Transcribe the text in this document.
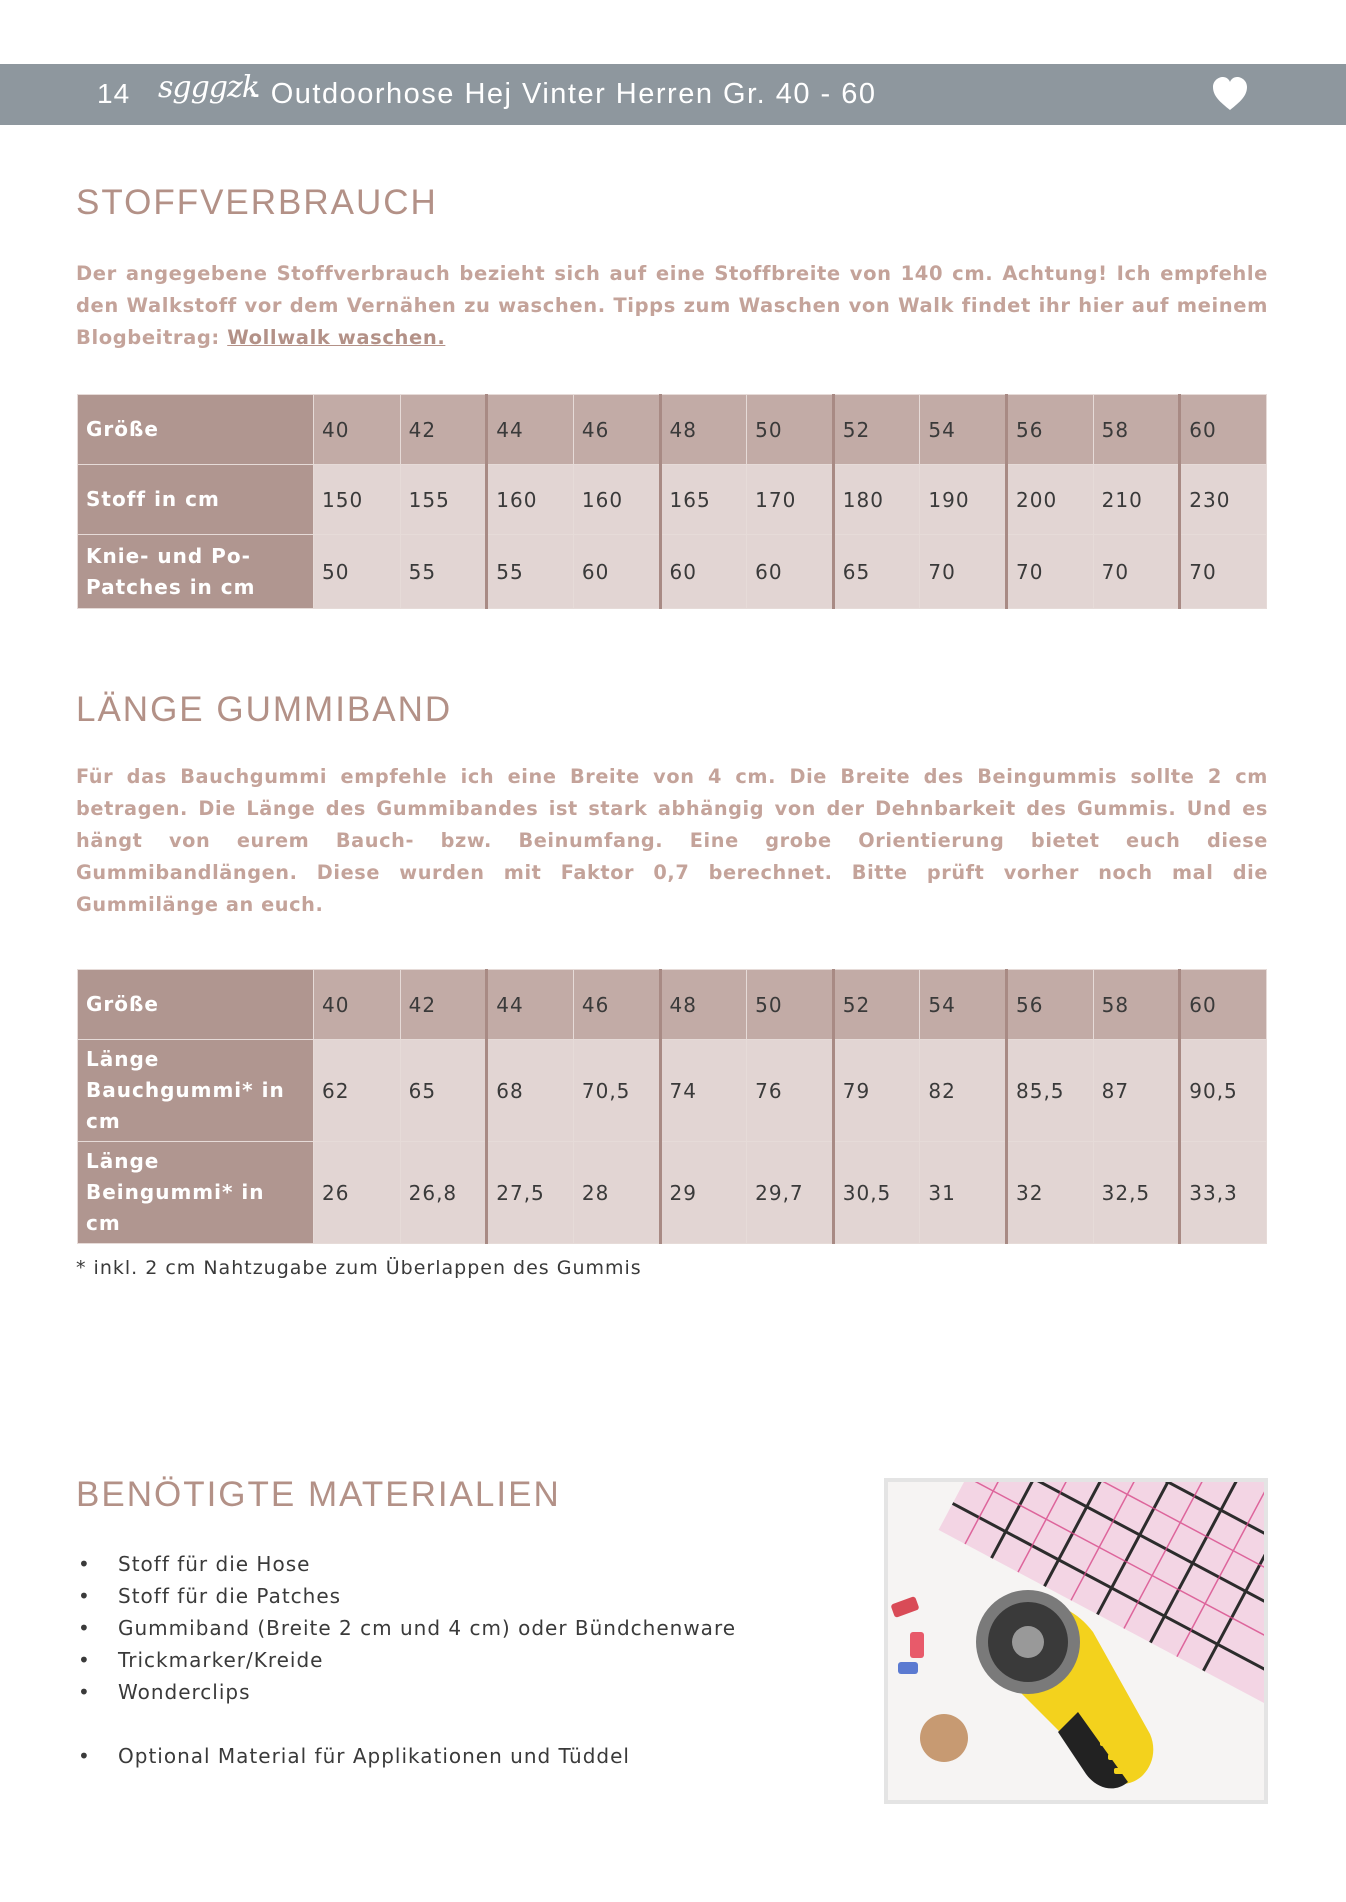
14 sgggzk
- Outdoorhose Hej Vinter Herren Gr. 40 - 60
STOFFVERBRAUCH

Der angegebene Stoffverbrauch bezieht sich auf eine Stoffbreite von 140 cm. Achtung! Ich empfehle den Walkstoff vor dem Vernähen zu waschen. Tipps zum Waschen von Walk findet ihr hier auf meinem Blogbeitrag: Wollwalk waschen.

Größe	40	42	44	46	48	50	52	54	56	58	60
Stoff in cm	150	155	160	160	165	170	180	190	200	210	230
Knie- und Po-Patches in cm	50	55	55	60	60	60	65	70	70	70	70
LÄNGE GUMMIBAND

Für das Bauchgummi empfehle ich eine Breite von 4 cm. Die Breite des Beingummis sollte 2 cm betragen. Die Länge des Gummibandes ist stark abhängig von der Dehnbarkeit des Gummis. Und es hängt von eurem Bauch- bzw. Beinumfang. Eine grobe Orientierung bietet euch diese Gummibandlängen. Diese wurden mit Faktor 0,7 berechnet. Bitte prüft vorher noch mal die Gummilänge an euch.

Größe	40	42	44	46	48	50	52	54	56	58	60
Länge Bauchgummi* in cm	62	65	68	70,5	74	76	79	82	85,5	87	90,5
Länge Beingummi* in cm	26	26,8	27,5	28	29	29,7	30,5	31	32	32,5	33,3

* inkl. 2 cm Nahtzugabe zum Überlappen des Gummis

BENÖTIGTE MATERIALIEN
• Stoff für die Hose
• Stoff für die Patches
• Gummiband (Breite 2 cm und 4 cm) oder Bündchenware
• Trickmarker/Kreide
• Wonderclips
• Optional Material für Applikationen und Tüddel
